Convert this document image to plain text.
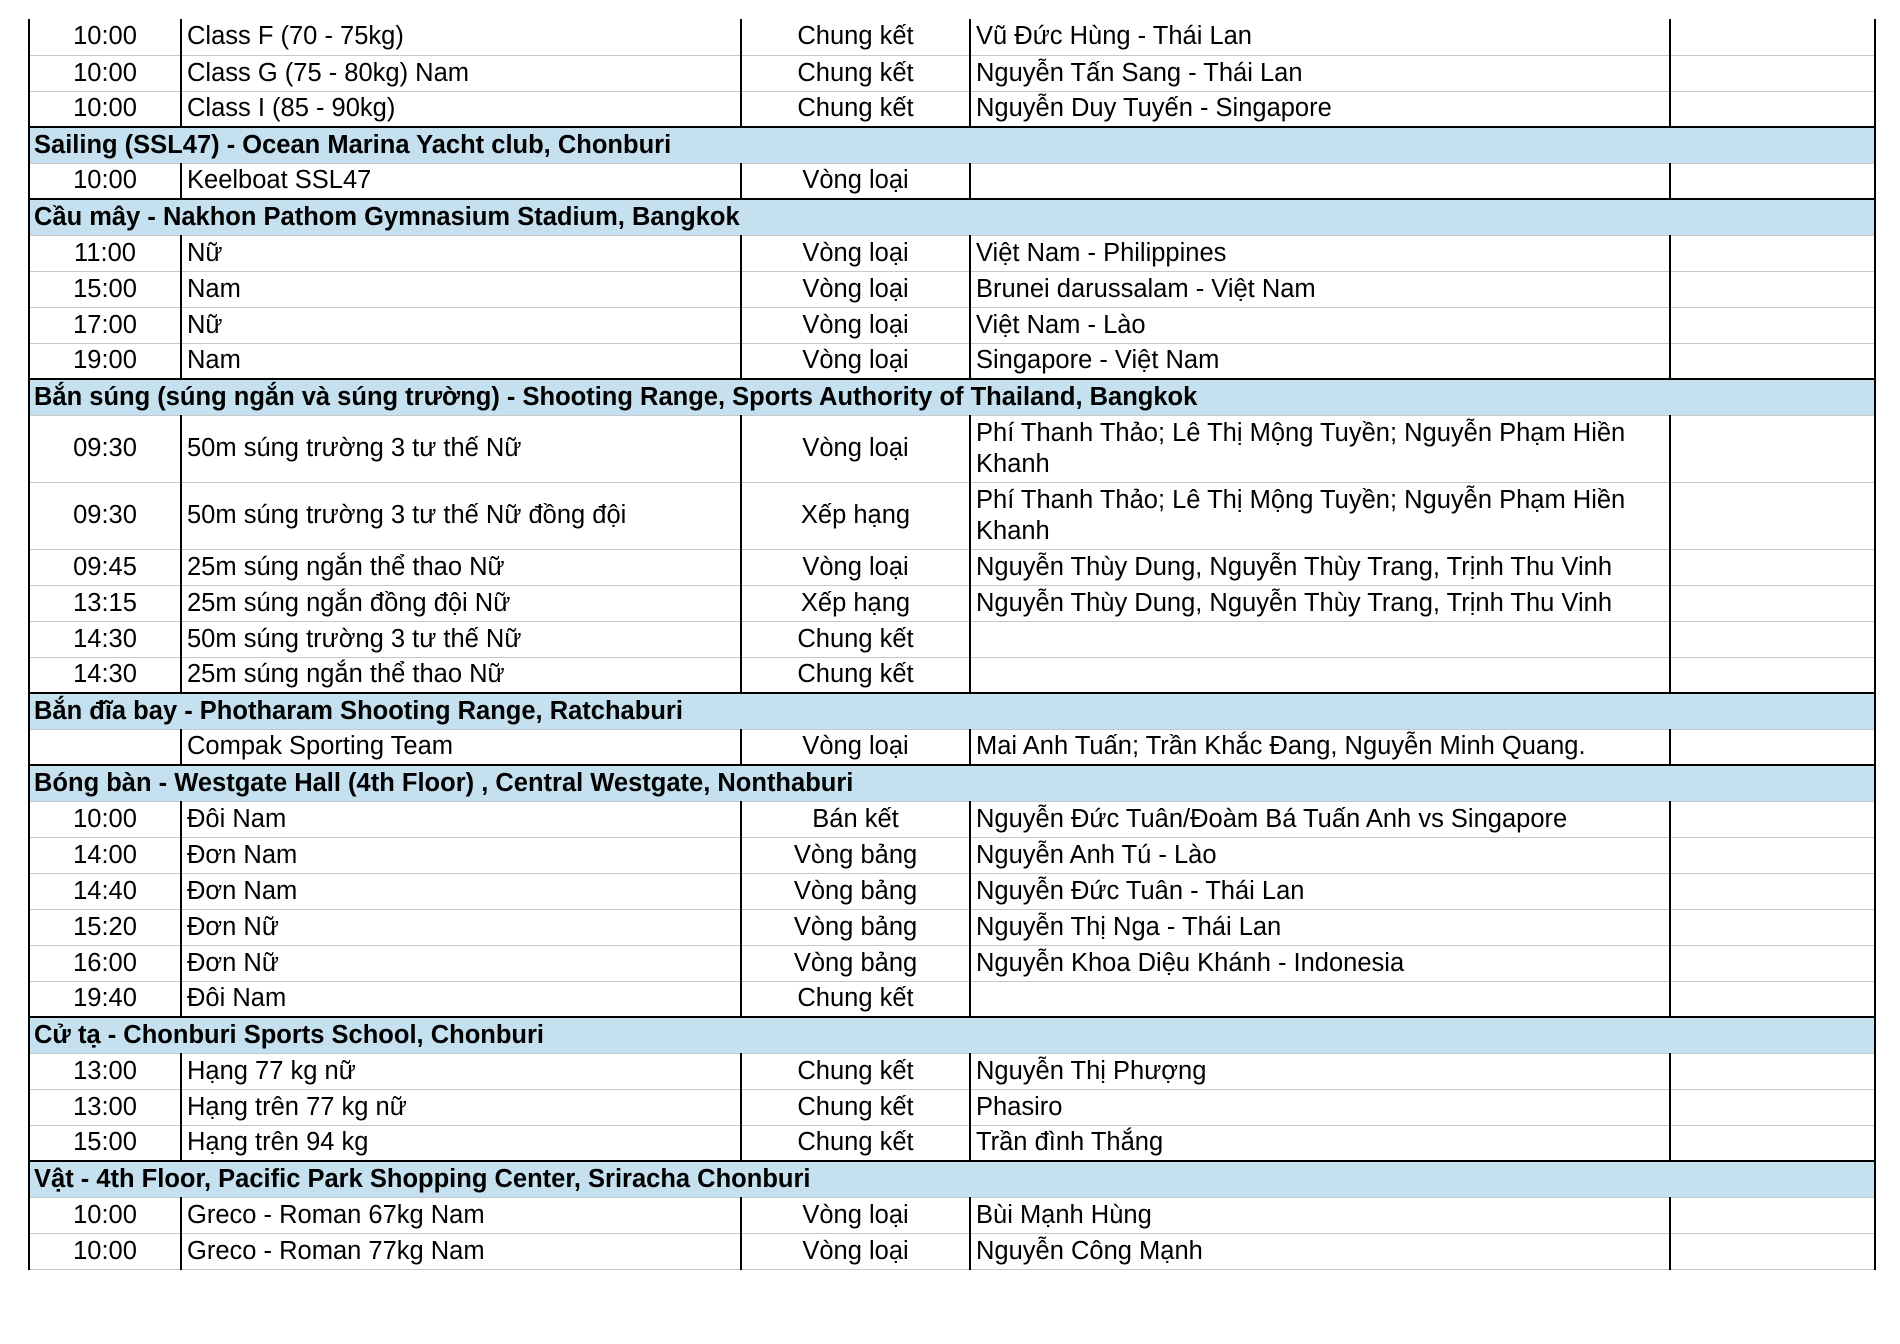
10:00	Class F (70 - 75kg)	Chung kết	Vũ Đức Hùng - Thái Lan	
10:00	Class G (75 - 80kg) Nam	Chung kết	Nguyễn Tấn Sang - Thái Lan	
10:00	Class I (85 - 90kg)	Chung kết	Nguyễn Duy Tuyến - Singapore	
Sailing (SSL47) - Ocean Marina Yacht club, Chonburi				
10:00	Keelboat SSL47	Vòng loại		
Cầu mây - Nakhon Pathom Gymnasium Stadium, Bangkok				
11:00	Nữ	Vòng loại	Việt Nam - Philippines	
15:00	Nam	Vòng loại	Brunei darussalam - Việt Nam	
17:00	Nữ	Vòng loại	Việt Nam - Lào	
19:00	Nam	Vòng loại	Singapore - Việt Nam	
Bắn súng (súng ngắn và súng trường) - Shooting Range, Sports Authority of Thailand, Bangkok				
09:30	50m súng trường 3 tư thế Nữ	Vòng loại	Phí Thanh Thảo; Lê Thị Mộng Tuyền; Nguyễn Phạm Hiền Khanh	
09:30	50m súng trường 3 tư thế Nữ đồng đội	Xếp hạng	Phí Thanh Thảo; Lê Thị Mộng Tuyền; Nguyễn Phạm Hiền Khanh	
09:45	25m súng ngắn thể thao Nữ	Vòng loại	Nguyễn Thùy Dung, Nguyễn Thùy Trang, Trịnh Thu Vinh	
13:15	25m súng ngắn đồng đội Nữ	Xếp hạng	Nguyễn Thùy Dung, Nguyễn Thùy Trang, Trịnh Thu Vinh	
14:30	50m súng trường 3 tư thế Nữ	Chung kết		
14:30	25m súng ngắn thể thao Nữ	Chung kết		
Bắn đĩa bay - Photharam Shooting Range, Ratchaburi				
	Compak Sporting Team	Vòng loại	Mai Anh Tuấn; Trần Khắc Đang, Nguyễn Minh Quang.	
Bóng bàn - Westgate Hall (4th Floor) , Central Westgate, Nonthaburi				
10:00	Đôi Nam	Bán kết	Nguyễn Đức Tuân/Đoàm Bá Tuấn Anh vs Singapore	
14:00	Đơn Nam	Vòng bảng	Nguyễn Anh Tú - Lào	
14:40	Đơn Nam	Vòng bảng	Nguyễn Đức Tuân - Thái Lan	
15:20	Đơn Nữ	Vòng bảng	Nguyễn Thị Nga - Thái Lan	
16:00	Đơn Nữ	Vòng bảng	Nguyễn Khoa Diệu Khánh - Indonesia	
19:40	Đôi Nam	Chung kết		
Cử tạ - Chonburi Sports School, Chonburi				
13:00	Hạng 77 kg nữ	Chung kết	Nguyễn Thị Phượng	
13:00	Hạng trên 77 kg nữ	Chung kết	Phasiro	
15:00	Hạng trên 94 kg	Chung kết	Trần đình Thắng	
Vật - 4th Floor, Pacific Park Shopping Center, Sriracha Chonburi				
10:00	Greco - Roman 67kg Nam	Vòng loại	Bùi Mạnh Hùng	
10:00	Greco - Roman 77kg Nam	Vòng loại	Nguyễn Công Mạnh	
